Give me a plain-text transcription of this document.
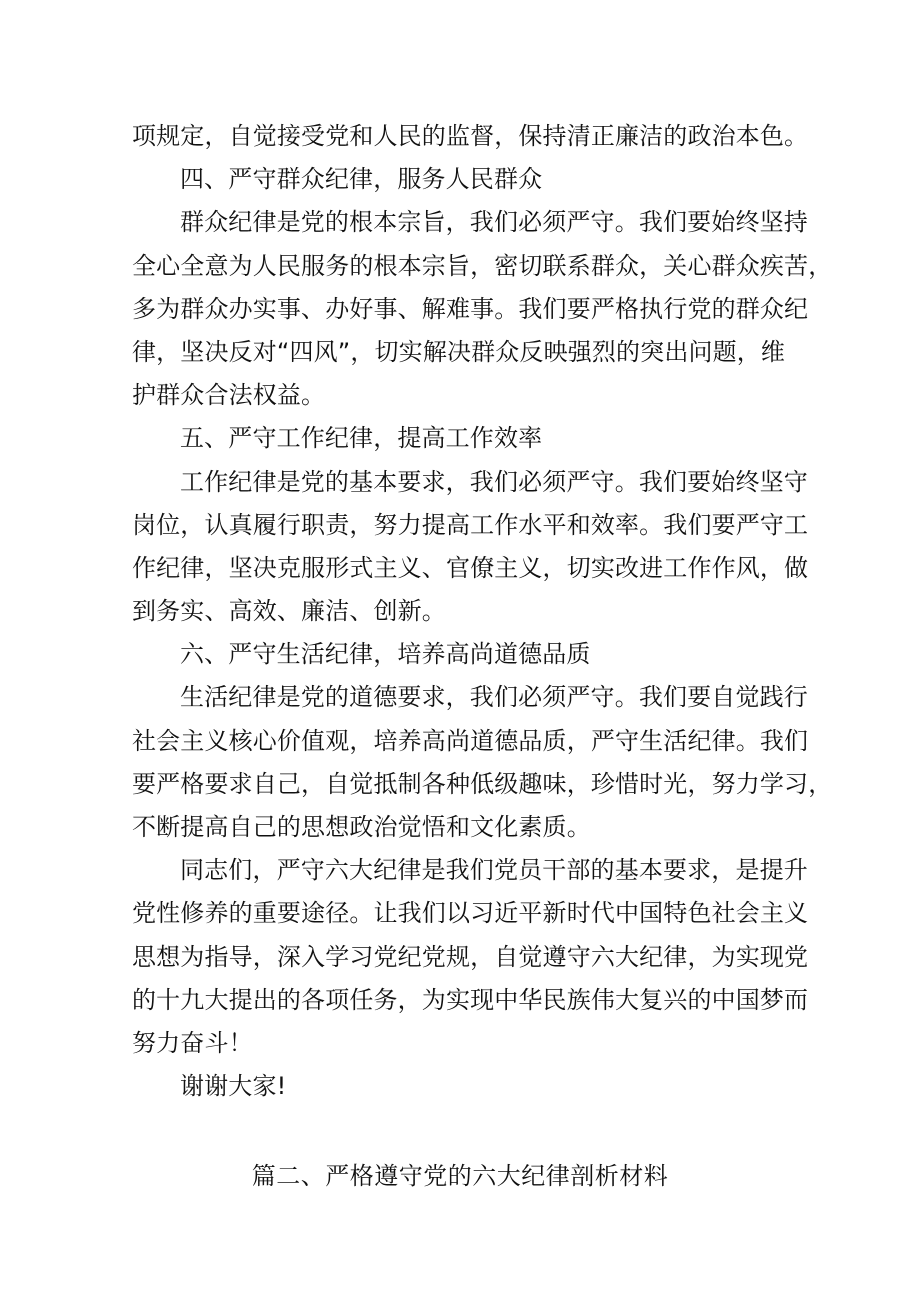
项规定，自觉接受党和人民的监督，保持清正廉洁的政治本色。
四、严守群众纪律，服务人民群众
群众纪律是党的根本宗旨，我们必须严守。我们要始终坚持
全心全意为人民服务的根本宗旨，密切联系群众，关心群众疾苦，
多为群众办实事、办好事、解难事。我们要严格执行党的群众纪
律，坚决反对“四风”，切实解决群众反映强烈的突出问题，维
护群众合法权益。
五、严守工作纪律，提高工作效率
工作纪律是党的基本要求，我们必须严守。我们要始终坚守
岗位，认真履行职责，努力提高工作水平和效率。我们要严守工
作纪律，坚决克服形式主义、官僚主义，切实改进工作作风，做
到务实、高效、廉洁、创新。
六、严守生活纪律，培养高尚道德品质
生活纪律是党的道德要求，我们必须严守。我们要自觉践行
社会主义核心价值观，培养高尚道德品质，严守生活纪律。我们
要严格要求自己，自觉抵制各种低级趣味，珍惜时光，努力学习，
不断提高自己的思想政治觉悟和文化素质。
同志们，严守六大纪律是我们党员干部的基本要求，是提升
党性修养的重要途径。让我们以习近平新时代中国特色社会主义
思想为指导，深入学习党纪党规，自觉遵守六大纪律，为实现党
的十九大提出的各项任务，为实现中华民族伟大复兴的中国梦而
努力奋斗！
谢谢大家!
篇二、严格遵守党的六大纪律剖析材料
